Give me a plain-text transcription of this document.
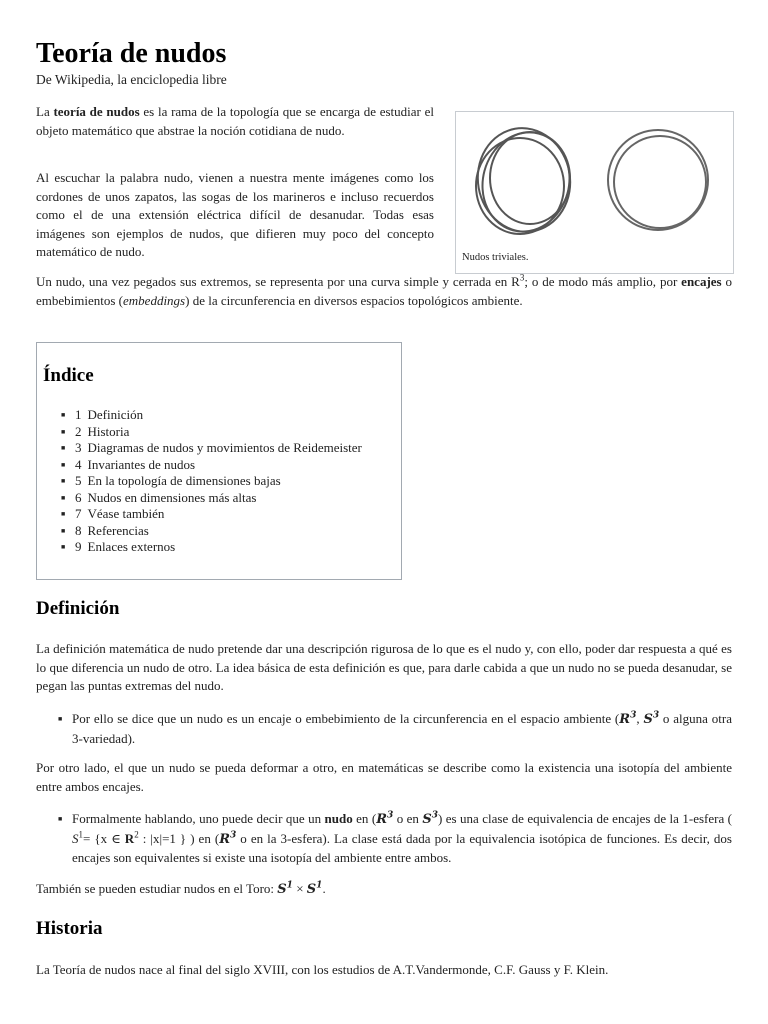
Teoría de nudos

De Wikipedia, la enciclopedia libre

La teoría de nudos es la rama de la topología que se encarga de estudiar el objeto matemático que abstrae la noción cotidiana de nudo.

Al escuchar la palabra nudo, vienen a nuestra mente imágenes como los cordones de unos zapatos, las sogas de los marineros e incluso recuerdos como el de una extensión eléctrica difícil de desanudar. Todas esas imágenes son ejemplos de nudos, que difieren muy poco del concepto matemático de nudo.	Nudos triviales.

Un nudo, una vez pegados sus extremos, se representa por una curva simple y cerrada en $R^3$; o de modo más amplio, por encajes o embebimientos (embeddings) de la circunferencia en diversos espacios topológicos ambiente.

Índice
■ 1 Definición
■ 2 Historia
■ 3 Diagramas de nudos y movimientos de Reidemeister
■ 4 Invariantes de nudos
■ 5 En la topología de dimensiones bajas
■ 6 Nudos en dimensiones más altas
■ 7 Véase también
■ 8 Referencias
■ 9 Enlaces externos
Definición

La definición matemática de nudo pretende dar una descripción rigurosa de lo que es el nudo y, con ello, poder dar respuesta a qué es lo que diferencia un nudo de otro. La idea básica de esta definición es que, para darle cabida a que un nudo no se pueda desanudar, se pegan las puntas extremas del nudo.

■ Por ello se dice que un nudo es un encaje o embebimiento de la circunferencia en el espacio ambiente ($R^3$, $S^3$ o alguna otra 3-variedad).

Por otro lado, el que un nudo se pueda deformar a otro, en matemáticas se describe como la existencia una isotopía del ambiente entre ambos encajes.

■ Formalmente hablando, uno puede decir que un nudo en ($R^3$ o en $S^3$) es una clase de equivalencia de encajes de la 1-esfera ( $S^1= \{x$ ∈ $R^2$ : |x|=1 } ) en ($R^3$ o en la 3-esfera). La clase está dada por la equivalencia isotópica de funciones. Es decir, dos encajes son equivalentes si existe una isotopía del ambiente entre ambos.

También se pueden estudiar nudos en el Toro: $S^1 \times S^1$.

Historia

La Teoría de nudos nace al final del siglo XVIII, con los estudios de A.T.Vandermonde, C.F. Gauss y F. Klein.
